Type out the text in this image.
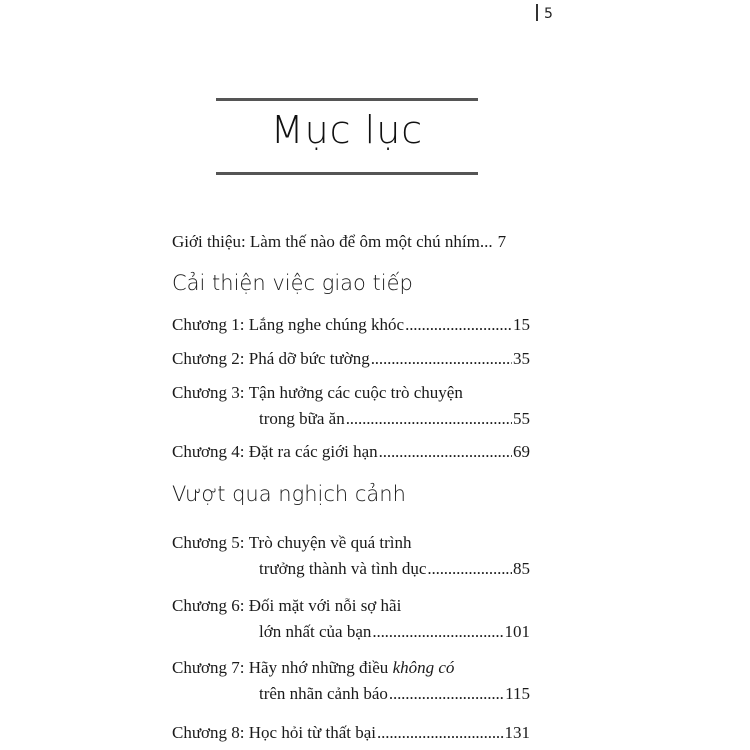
5
Mục lục
Giới thiệu: Làm thế nào để ôm một chú nhím... 7
Cải thiện việc giao tiếp
Chương 1:
Lắng nghe chúng khóc . . .	15
Chương 2:
Phá dỡ bức tường . . .	35
Chương 3:
Tận hưởng các cuộc trò chuyện
trong bữa ăn . . .	55
Chương 4:
Đặt ra các giới hạn . . .	69
Vượt qua nghịch cảnh
Chương 5:
Trò chuyện về quá trình
trưởng thành và tình dục . . .	85
Chương 6:
Đối mặt với nỗi sợ hãi
lớn nhất của bạn . . .	101
Chương 7:
Hãy nhớ những điều
không có
trên nhãn cảnh báo . . .	115
Chương 8:
Học hỏi từ thất bại . . .	131
